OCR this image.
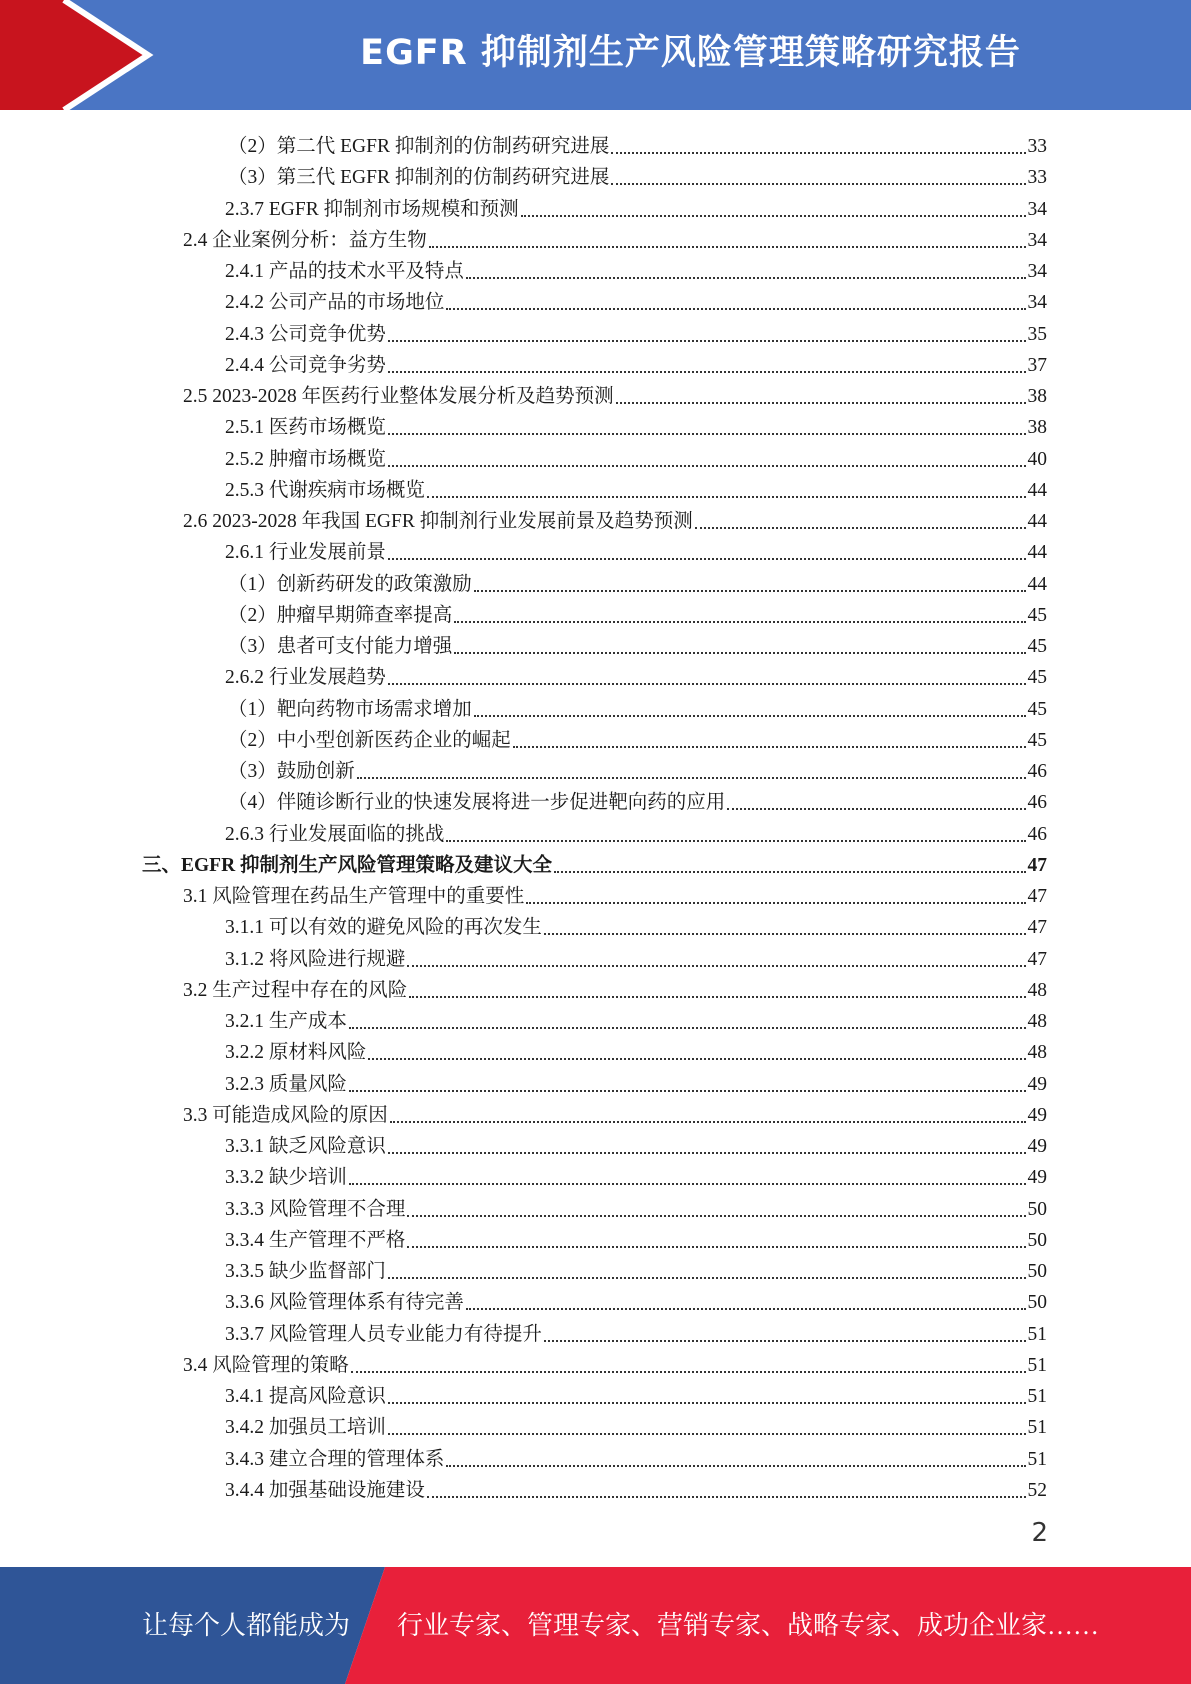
EGFR 抑制剂生产风险管理策略研究报告
（2）第二代 EGFR 抑制剂的仿制药研究进展	33
（3）第三代 EGFR 抑制剂的仿制药研究进展	33
2.3.7 EGFR 抑制剂市场规模和预测	34
2.4 企业案例分析：益方生物	34
2.4.1 产品的技术水平及特点	34
2.4.2 公司产品的市场地位	34
2.4.3 公司竞争优势	35
2.4.4 公司竞争劣势	37
2.5 2023-2028 年医药行业整体发展分析及趋势预测	38
2.5.1 医药市场概览	38
2.5.2 肿瘤市场概览	40
2.5.3 代谢疾病市场概览	44
2.6 2023-2028 年我国 EGFR 抑制剂行业发展前景及趋势预测	44
2.6.1 行业发展前景	44
（1）创新药研发的政策激励	44
（2）肿瘤早期筛查率提高	45
（3）患者可支付能力增强	45
2.6.2 行业发展趋势	45
（1）靶向药物市场需求增加	45
（2）中小型创新医药企业的崛起	45
（3）鼓励创新	46
（4）伴随诊断行业的快速发展将进一步促进靶向药的应用	46
2.6.3 行业发展面临的挑战	46
三、EGFR 抑制剂生产风险管理策略及建议大全	47
3.1 风险管理在药品生产管理中的重要性	47
3.1.1 可以有效的避免风险的再次发生	47
3.1.2 将风险进行规避	47
3.2 生产过程中存在的风险	48
3.2.1 生产成本	48
3.2.2 原材料风险	48
3.2.3 质量风险	49
3.3 可能造成风险的原因	49
3.3.1 缺乏风险意识	49
3.3.2 缺少培训	49
3.3.3 风险管理不合理	50
3.3.4 生产管理不严格	50
3.3.5 缺少监督部门	50
3.3.6 风险管理体系有待完善	50
3.3.7 风险管理人员专业能力有待提升	51
3.4 风险管理的策略	51
3.4.1 提高风险意识	51
3.4.2 加强员工培训	51
3.4.3 建立合理的管理体系	51
3.4.4 加强基础设施建设	52
2
让每个人都能成为 行业专家、管理专家、营销专家、战略专家、成功企业家……
